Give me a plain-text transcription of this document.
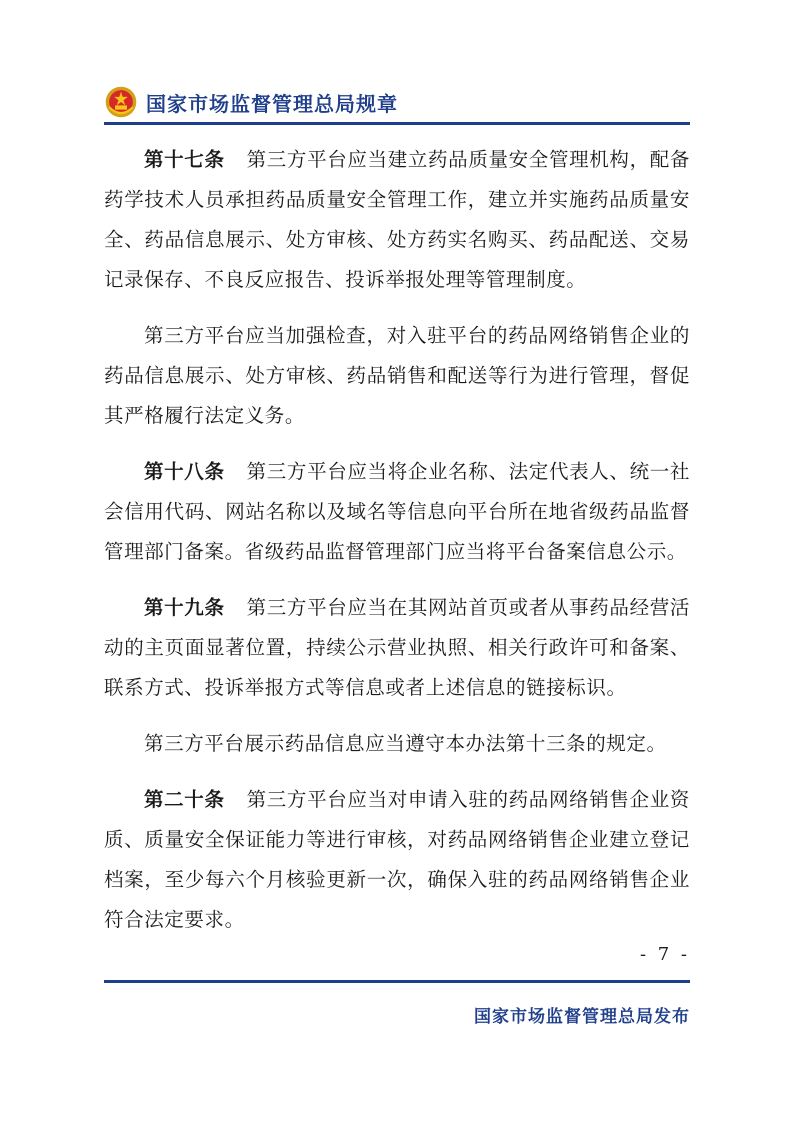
国家市场监督管理总局规章

第十七条 第三方平台应当建立药品质量安全管理机构，配备药学技术人员承担药品质量安全管理工作，建立并实施药品质量安全、药品信息展示、处方审核、处方药实名购买、药品配送、交易记录保存、不良反应报告、投诉举报处理等管理制度。

第三方平台应当加强检查，对入驻平台的药品网络销售企业的药品信息展示、处方审核、药品销售和配送等行为进行管理，督促其严格履行法定义务。

第十八条 第三方平台应当将企业名称、法定代表人、统一社会信用代码、网站名称以及域名等信息向平台所在地省级药品监督管理部门备案。省级药品监督管理部门应当将平台备案信息公示。

第十九条 第三方平台应当在其网站首页或者从事药品经营活动的主页面显著位置，持续公示营业执照、相关行政许可和备案、联系方式、投诉举报方式等信息或者上述信息的链接标识。

第三方平台展示药品信息应当遵守本办法第十三条的规定。

第二十条 第三方平台应当对申请入驻的药品网络销售企业资质、质量安全保证能力等进行审核，对药品网络销售企业建立登记档案，至少每六个月核验更新一次，确保入驻的药品网络销售企业符合法定要求。

- 7 -
国家市场监督管理总局发布
